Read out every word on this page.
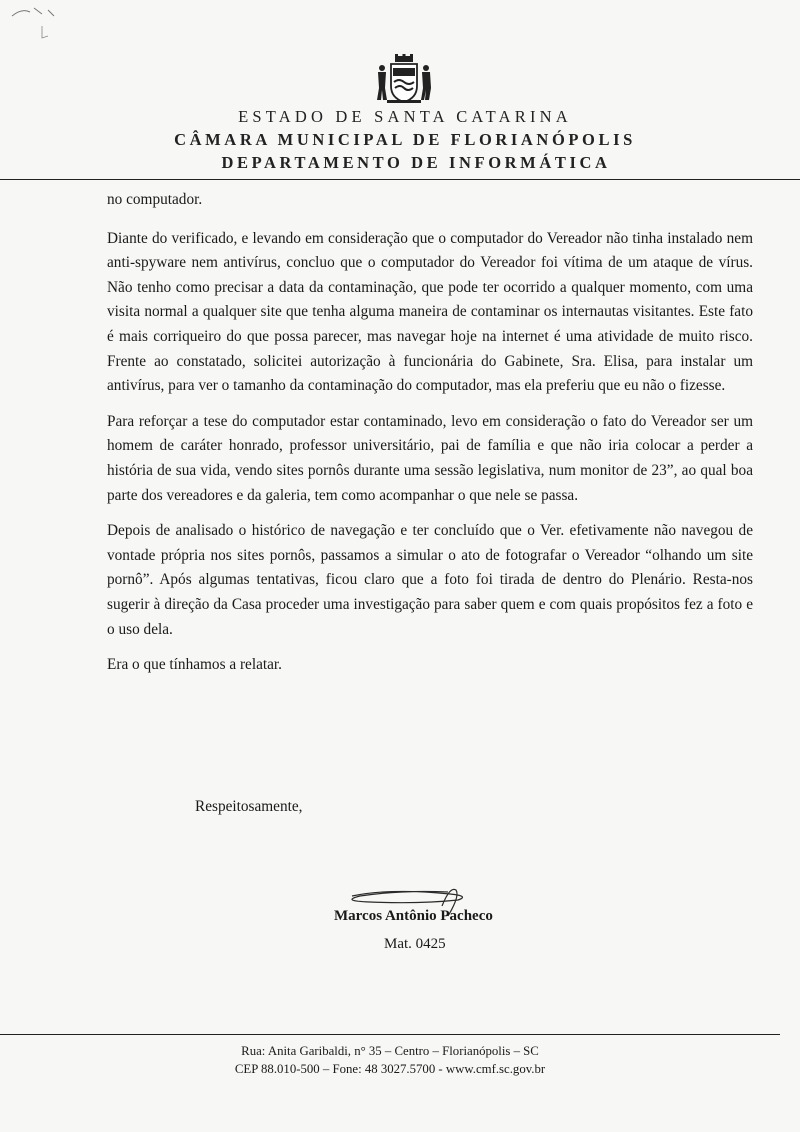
ESTADO DE SANTA CATARINA
CÂMARA MUNICIPAL DE FLORIANÓPOLIS
DEPARTAMENTO DE INFORMÁTICA

no computador.

Diante do verificado, e levando em consideração que o computador do Vereador não tinha instalado nem anti-spyware nem antivírus, concluo que o computador do Vereador foi vítima de um ataque de vírus. Não tenho como precisar a data da contaminação, que pode ter ocorrido a qualquer momento, com uma visita normal a qualquer site que tenha alguma maneira de contaminar os internautas visitantes. Este fato é mais corriqueiro do que possa parecer, mas navegar hoje na internet é uma atividade de muito risco. Frente ao constatado, solicitei autorização à funcionária do Gabinete, Sra. Elisa, para instalar um antivírus, para ver o tamanho da contaminação do computador, mas ela preferiu que eu não o fizesse.

Para reforçar a tese do computador estar contaminado, levo em consideração o fato do Vereador ser um homem de caráter honrado, professor universitário, pai de família e que não iria colocar a perder a história de sua vida, vendo sites pornôs durante uma sessão legislativa, num monitor de 23”, ao qual boa parte dos vereadores e da galeria, tem como acompanhar o que nele se passa.

Depois de analisado o histórico de navegação e ter concluído que o Ver. efetivamente não navegou de vontade própria nos sites pornôs, passamos a simular o ato de fotografar o Vereador “olhando um site pornô”. Após algumas tentativas, ficou claro que a foto foi tirada de dentro do Plenário. Resta-nos sugerir à direção da Casa proceder uma investigação para saber quem e com quais propósitos fez a foto e o uso dela.

Era o que tínhamos a relatar.

Respeitosamente,
Marcos Antônio Pacheco
Mat. 0425
Rua: Anita Garibaldi, n° 35 – Centro – Florianópolis – SC
CEP 88.010-500 – Fone: 48 3027.5700 - www.cmf.sc.gov.br
